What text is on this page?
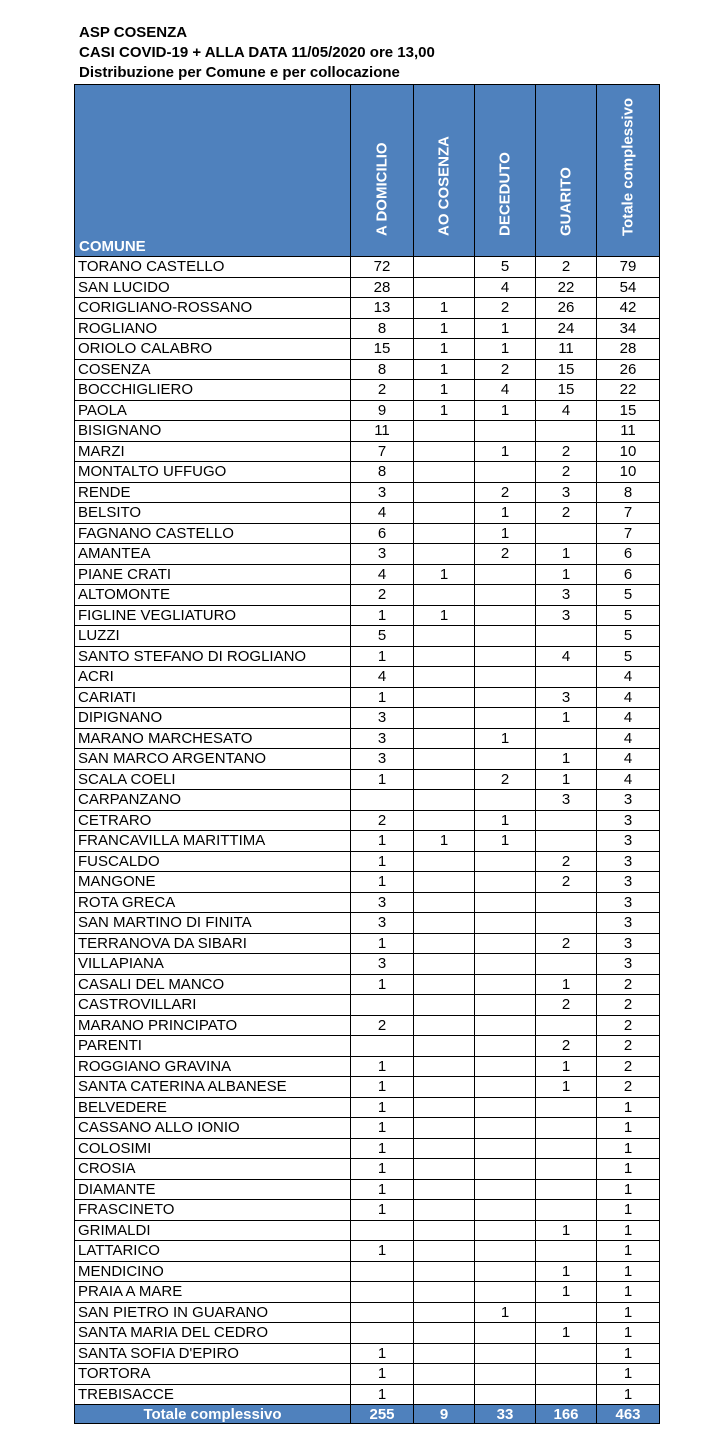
ASP COSENZA
CASI COVID-19 + ALLA DATA 11/05/2020 ore 13,00
Distribuzione per Comune e per collocazione
COMUNE	A DOMICILIO	AO COSENZA	DECEDUTO	GUARITO	Totale complessivo

TORANO CASTELLO	72		5	2	79
SAN LUCIDO	28		4	22	54
CORIGLIANO-ROSSANO	13	1	2	26	42
ROGLIANO	8	1	1	24	34
ORIOLO CALABRO	15	1	1	11	28
COSENZA	8	1	2	15	26
BOCCHIGLIERO	2	1	4	15	22
PAOLA	9	1	1	4	15
BISIGNANO	11				11
MARZI	7		1	2	10
MONTALTO UFFUGO	8			2	10
RENDE	3		2	3	8
BELSITO	4		1	2	7
FAGNANO CASTELLO	6		1		7
AMANTEA	3		2	1	6
PIANE CRATI	4	1		1	6
ALTOMONTE	2			3	5
FIGLINE VEGLIATURO	1	1		3	5
LUZZI	5				5
SANTO STEFANO DI ROGLIANO	1			4	5
ACRI	4				4
CARIATI	1			3	4
DIPIGNANO	3			1	4
MARANO MARCHESATO	3		1		4
SAN MARCO ARGENTANO	3			1	4
SCALA COELI	1		2	1	4
CARPANZANO				3	3
CETRARO	2		1		3
FRANCAVILLA MARITTIMA	1	1	1		3
FUSCALDO	1			2	3
MANGONE	1			2	3
ROTA GRECA	3				3
SAN MARTINO DI FINITA	3				3
TERRANOVA DA SIBARI	1			2	3
VILLAPIANA	3				3
CASALI DEL MANCO	1			1	2
CASTROVILLARI				2	2
MARANO PRINCIPATO	2				2
PARENTI				2	2
ROGGIANO GRAVINA	1			1	2
SANTA CATERINA ALBANESE	1			1	2
BELVEDERE	1				1
CASSANO ALLO IONIO	1				1
COLOSIMI	1				1
CROSIA	1				1
DIAMANTE	1				1
FRASCINETO	1				1
GRIMALDI				1	1
LATTARICO	1				1
MENDICINO				1	1
PRAIA A MARE				1	1
SAN PIETRO IN GUARANO			1		1
SANTA MARIA DEL CEDRO				1	1
SANTA SOFIA D'EPIRO	1				1
TORTORA	1				1
TREBISACCE	1				1
Totale complessivo	255	9	33	166	463
